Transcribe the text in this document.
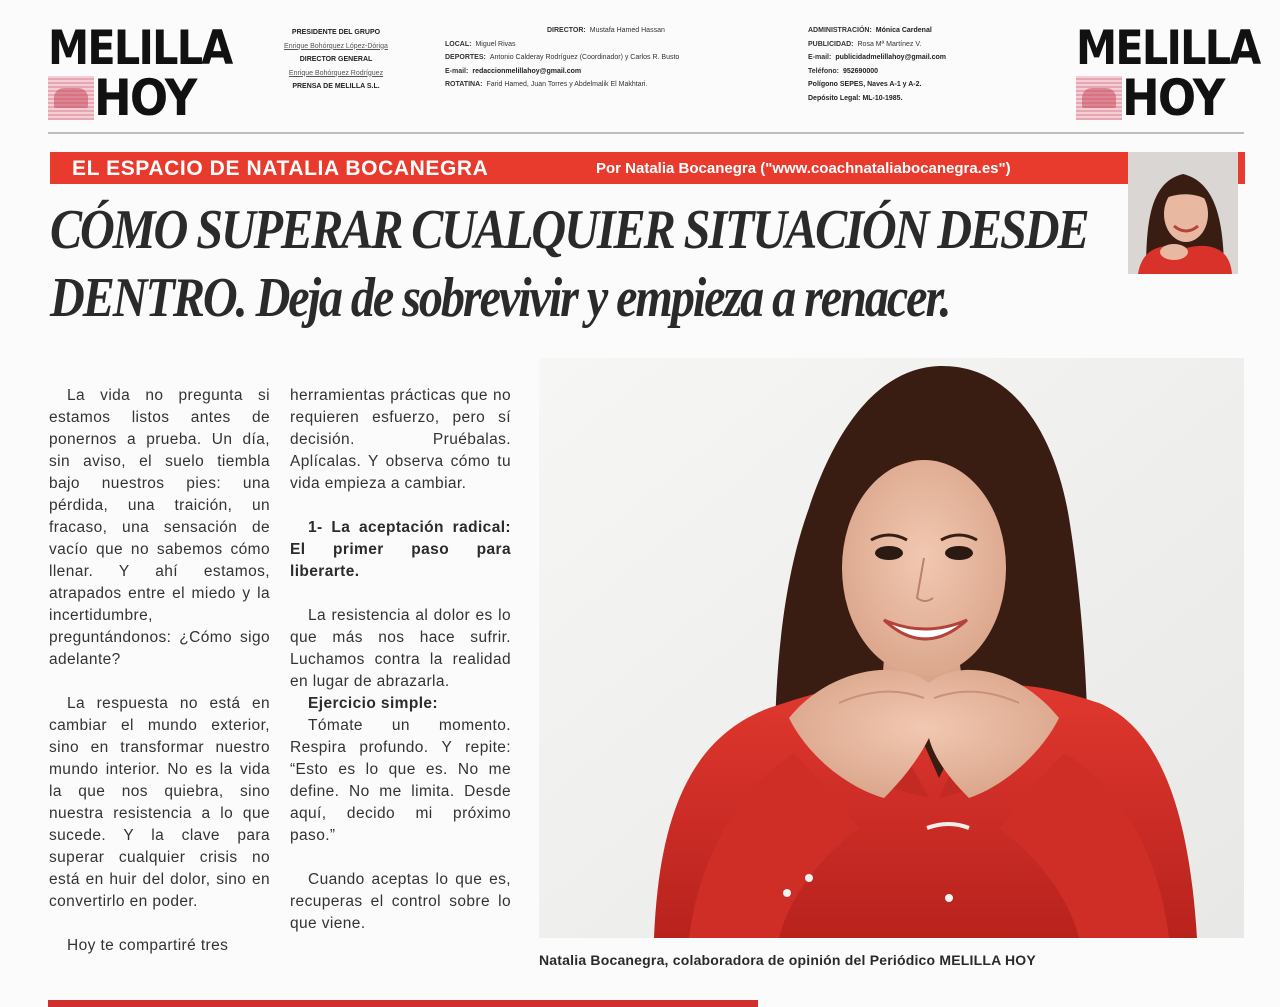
MELILLA
HOY
PRESIDENTE DEL GRUPO
Enrique Bohórquez López-Dóriga
DIRECTOR GENERAL
Enrique Bohórquez Rodríguez
PRENSA DE MELILLA S.L.
DIRECTOR: Mustafa Hamed Hassan
LOCAL: Miguel Rivas
DEPORTES: Antonio Calderay Rodríguez (Coordinador) y Carlos R. Busto
E-mail: redaccionmelillahoy@gmail.com
ROTATINA: Farid Hamed, Juan Torres y Abdelmalik El Makhtari.
ADMINISTRACIÓN: Mónica Cardenal
PUBLICIDAD: Rosa Mª Martínez V.
E-mail: publicidadmelillahoy@gmail.com
Teléfono: 952690000
Polígono SEPES, Naves A-1 y A-2.
Depósito Legal: ML-10-1985.
MELILLA
HOY
EL ESPACIO DE NATALIA BOCANEGRA	Por Natalia Bocanegra ("www.coachnataliabocanegra.es")
CÓMO SUPERAR CUALQUIER SITUACIÓN DESDE
DENTRO. Deja de sobrevivir y empieza a renacer.

La vida no pregunta si estamos listos antes de ponernos a prueba. Un día, sin aviso, el suelo tiembla bajo nuestros pies: una pérdida, una traición, un fracaso, una sensación de vacío que no sabemos cómo llenar. Y ahí estamos, atrapados entre el miedo y la incertidumbre, preguntándonos: ¿Cómo sigo adelante?

La respuesta no está en cambiar el mundo exterior, sino en transformar nuestro mundo interior. No es la vida la que nos quiebra, sino nuestra resistencia a lo que sucede. Y la clave para superar cualquier crisis no está en huir del dolor, sino en convertirlo en poder.

Hoy te compartiré tres

herramientas prácticas que no requieren esfuerzo, pero sí decisión. Pruébalas. Aplícalas. Y observa cómo tu vida empieza a cambiar.

1- La aceptación radical: El primer paso para liberarte.

La resistencia al dolor es lo que más nos hace sufrir. Luchamos contra la realidad en lugar de abrazarla.

Ejercicio simple:

Tómate un momento. Respira profundo. Y repite: “Esto es lo que es. No me define. No me limita. Desde aquí, decido mi próximo paso.”

Cuando aceptas lo que es, recuperas el control sobre lo que viene.

Natalia Bocanegra, colaboradora de opinión del Periódico MELILLA HOY
